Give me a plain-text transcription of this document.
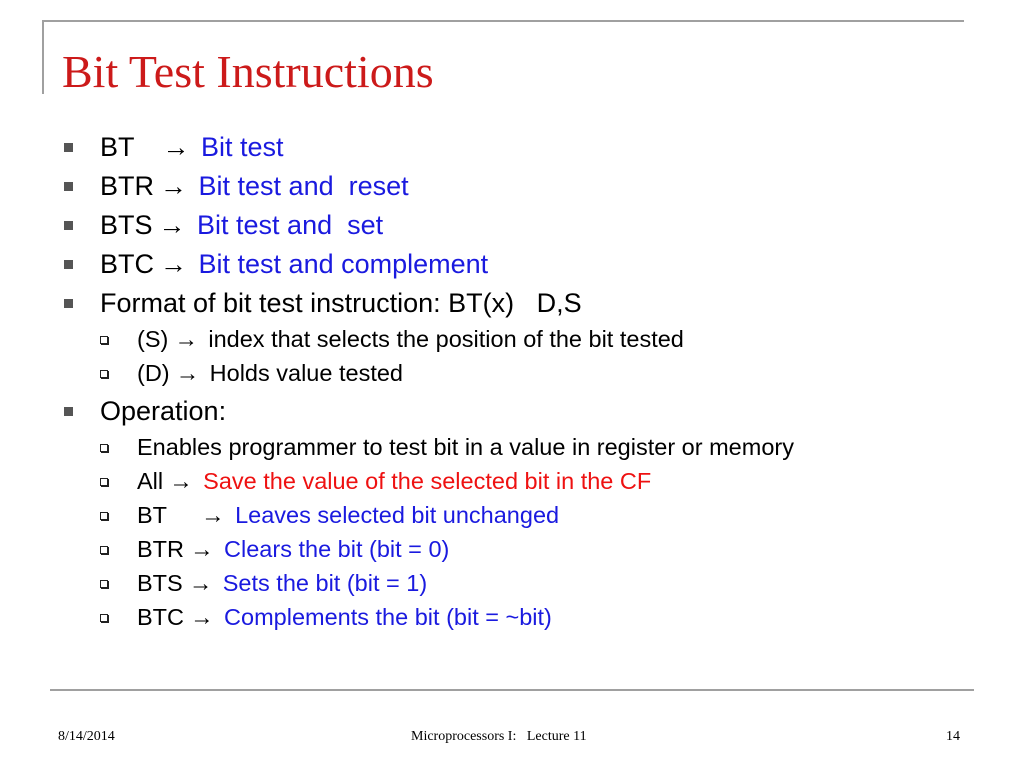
Bit Test Instructions
BT → Bit test
BTR → Bit test and  reset
BTS → Bit test and  set
BTC → Bit test and complement
Format of bit test instruction: BT(x)   D,S
(S) → index that selects the position of the bit tested
(D) → Holds value tested
Operation:
Enables programmer to test bit in a value in register or memory
All → Save the value of the selected bit in the CF
BT → Leaves selected bit unchanged
BTR → Clears the bit (bit = 0)
BTS → Sets the bit (bit = 1)
BTC → Complements the bit (bit = ~bit)
8/14/2014	Microprocessors I:   Lecture 11	14
